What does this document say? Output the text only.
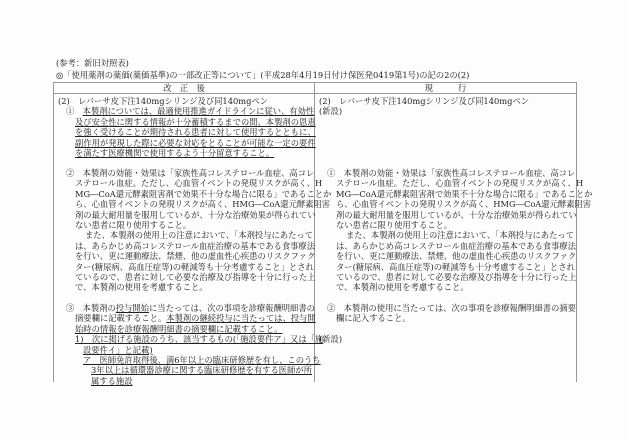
(参考：新旧対照表)
◎「使用薬剤の薬価(薬価基準)の一部改正等について」(平成28年4月19日付け保医発0419第1号)の記の2の(2)
改　正　後	現　　　行
(2)　レバーサ皮下注140mgシリンジ及び同140mgペン
①　本製剤については、最適使用推進ガイドラインに従い、有効性
及び安全性に関する情報が十分蓄積するまでの間、本製剤の恩恵
を強く受けることが期待される患者に対して使用するとともに、
副作用が発現した際に必要な対応をとることが可能な一定の要件
を満たす医療機関で使用するよう十分留意すること。
②　本製剤の効能・効果は「家族性高コレステロール血症、高コレ
ステロール血症。ただし、心血管イベントの発現リスクが高く、H
MG―CoA還元酵素阻害剤で効果不十分な場合に限る」であることか
ら、心血管イベントの発現リスクが高く、HMG―CoA還元酵素阻害
剤の最大耐用量を服用しているが、十分な治療効果が得られてい
ない患者に限り使用すること。
また、本製剤の使用上の注意において、「本剤投与にあたって
は、あらかじめ高コレステロール血症治療の基本である食事療法
を行い、更に運動療法、禁煙、他の虚血性心疾患のリスクファク
ター(糖尿病、高血圧症等)の軽減等も十分考慮すること」とされ
ているので、患者に対して必要な治療及び指導を十分に行った上
で、本製剤の使用を考慮すること。
③　本製剤の投与開始に当たっては、次の事項を診療報酬明細書の
摘要欄に記載すること。本製剤の継続投与に当たっては、投与開
始時の情報を診療報酬明細書の摘要欄に記載すること。
1)　次に掲げる施設のうち、該当するもの(「施設要件ア」又は「施
設要件イ」と記載)
ア　医師免許取得後、満6年以上の臨床研修歴を有し、このうち
3年以上は循環器診療に関する臨床研修歴を有する医師が所
属する施設
(2)　レバーサ皮下注140mgシリンジ及び同140mgペン
(新設)
①　本製剤の効能・効果は「家族性高コレステロール血症、高コレ
ステロール血症。ただし、心血管イベントの発現リスクが高く、H
MG―CoA還元酵素阻害剤で効果不十分な場合に限る」であることか
ら、心血管イベントの発現リスクが高く、HMG―CoA還元酵素阻害
剤の最大耐用量を服用しているが、十分な治療効果が得られてい
ない患者に限り使用すること。
また、本製剤の使用上の注意において、「本剤投与にあたって
は、あらかじめ高コレステロール血症治療の基本である食事療法
を行い、更に運動療法、禁煙、他の虚血性心疾患のリスクファク
ター(糖尿病、高血圧症等)の軽減等も十分考慮すること」とされ
ているので、患者に対して必要な治療及び指導を十分に行った上
で、本製剤の使用を考慮すること。
②　本製剤の使用に当たっては、次の事項を診療報酬明細書の摘要
欄に記入すること。
(新設)
